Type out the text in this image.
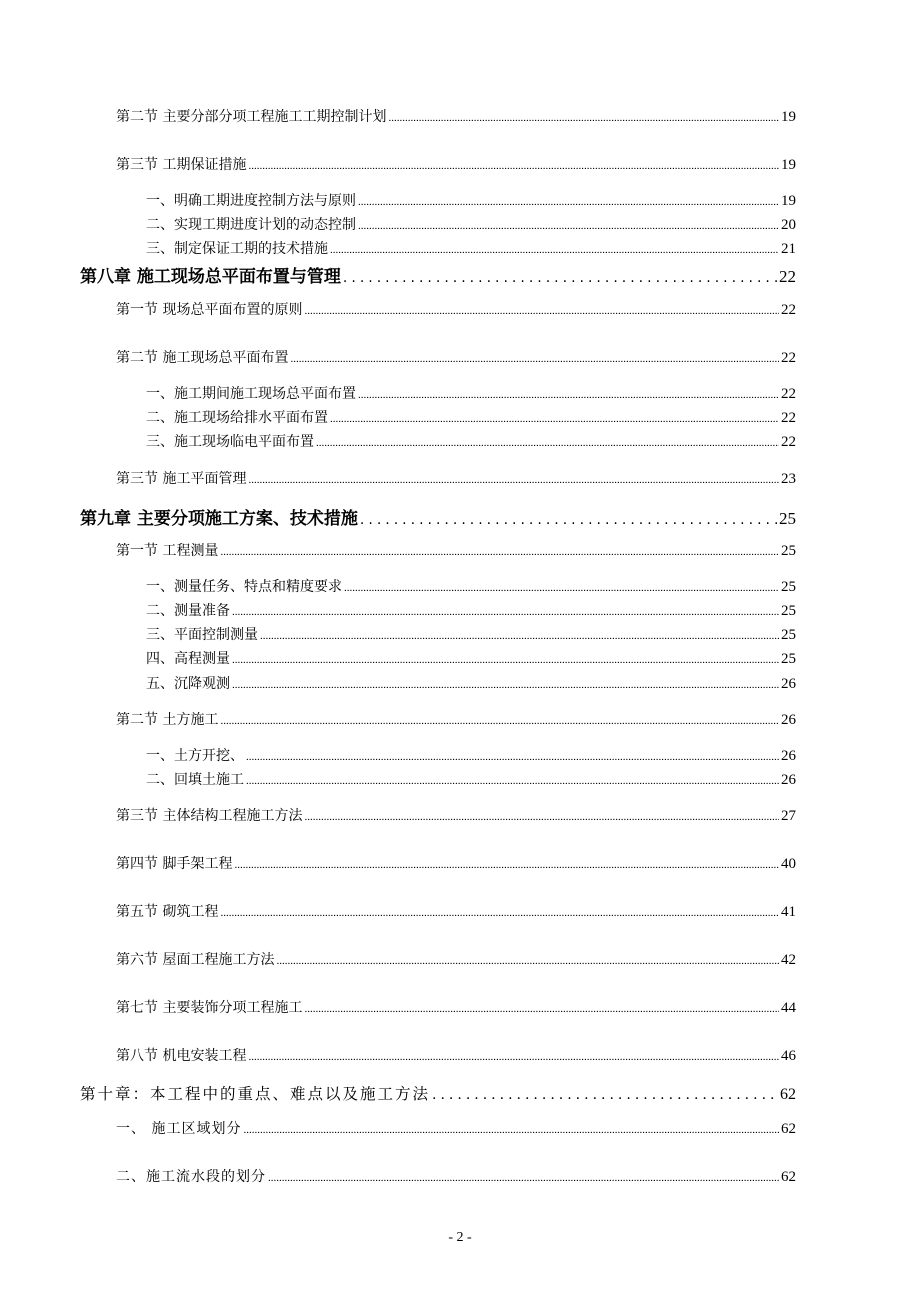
第二节 主要分部分项工程施工工期控制计划 .....	19
第三节 工期保证措施 .....	19
一、明确工期进度控制方法与原则 .....	19
二、实现工期进度计划的动态控制 .....	20
三、制定保证工期的技术措施 .....	21
第八章 施工现场总平面布置与管理 .....	22
第一节 现场总平面布置的原则 .....	22
第二节 施工现场总平面布置 .....	22
一、施工期间施工现场总平面布置 .....	22
二、施工现场给排水平面布置 .....	22
三、施工现场临电平面布置 .....	22
第三节 施工平面管理 .....	23
第九章 主要分项施工方案、技术措施 .....	25
第一节 工程测量 .....	25
一、测量任务、特点和精度要求 .....	25
二、测量准备 .....	25
三、平面控制测量 .....	25
四、高程测量 .....	25
五、沉降观测 .....	26
第二节 土方施工 .....	26
一、土方开挖、 .....	26
二、回填土施工 .....	26
第三节 主体结构工程施工方法 .....	27
第四节 脚手架工程 .....	40
第五节 砌筑工程 .....	41
第六节 屋面工程施工方法 .....	42
第七节 主要装饰分项工程施工 .....	44
第八节 机电安装工程 .....	46
第十章：本工程中的重点、难点以及施工方法 .....	62
一、 施工区域划分 .....	62
二、施工流水段的划分 .....	62
- 2 -
